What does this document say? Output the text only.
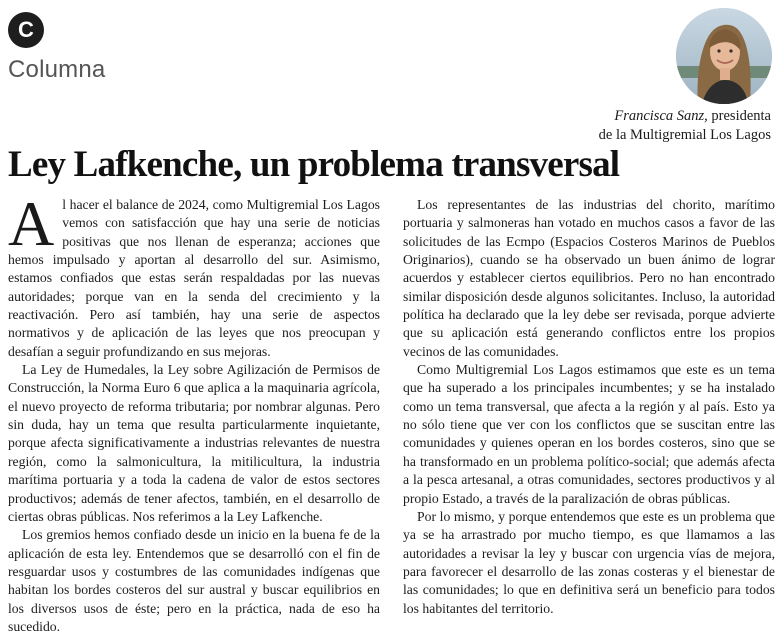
C
Columna
Francisca Sanz, presidenta
de la Multigremial Los Lagos
Ley Lafkenche, un problema transversal

Al hacer el balance de 2024, como Multigremial Los Lagos vemos con satisfacción que hay una serie de noticias positivas que nos llenan de esperanza; acciones que hemos impulsado y aportan al desarrollo del sur. Asimismo, estamos confiados que estas serán respaldadas por las nuevas autoridades; porque van en la senda del crecimiento y la reactivación. Pero así también, hay una serie de aspectos normativos y de aplicación de las leyes que nos preocupan y desafían a seguir profundizando en sus mejoras.

La Ley de Humedales, la Ley sobre Agilización de Permisos de Construcción, la Norma Euro 6 que aplica a la maquinaria agrícola, el nuevo proyecto de reforma tributaria; por nombrar algunas. Pero sin duda, hay un tema que resulta particularmente inquietante, porque afecta significativamente a industrias relevantes de nuestra región, como la salmonicultura, la mitilicultura, la industria marítima portuaria y a toda la cadena de valor de estos sectores productivos; además de tener afectos, también, en el desarrollo de ciertas obras públicas. Nos referimos a la Ley Lafkenche.

Los gremios hemos confiado desde un inicio en la buena fe de la aplicación de esta ley. Entendemos que se desarrolló con el fin de resguardar usos y costumbres de las comunidades indígenas que habitan los bordes costeros del sur austral y buscar equilibrios en los diversos usos de éste; pero en la práctica, nada de eso ha sucedido.

Los representantes de las industrias del chorito, marítimo portuaria y salmoneras han votado en muchos casos a favor de las solicitudes de las Ecmpo (Espacios Costeros Marinos de Pueblos Originarios), cuando se ha observado un buen ánimo de lograr acuerdos y establecer ciertos equilibrios. Pero no han encontrado similar disposición desde algunos solicitantes. Incluso, la autoridad política ha declarado que la ley debe ser revisada, porque advierte que su aplicación está generando conflictos entre los propios vecinos de las comunidades.

Como Multigremial Los Lagos estimamos que este es un tema que ha superado a los principales incumbentes; y se ha instalado como un tema transversal, que afecta a la región y al país. Esto ya no sólo tiene que ver con los conflictos que se suscitan entre las comunidades y quienes operan en los bordes costeros, sino que se ha transformado en un problema político-social; que además afecta a la pesca artesanal, a otras comunidades, sectores productivos y al propio Estado, a través de la paralización de obras públicas.

Por lo mismo, y porque entendemos que este es un problema que ya se ha arrastrado por mucho tiempo, es que llamamos a las autoridades a revisar la ley y buscar con urgencia vías de mejora, para favorecer el desarrollo de las zonas costeras y el bienestar de las comunidades; lo que en definitiva será un beneficio para todos los habitantes del territorio.
